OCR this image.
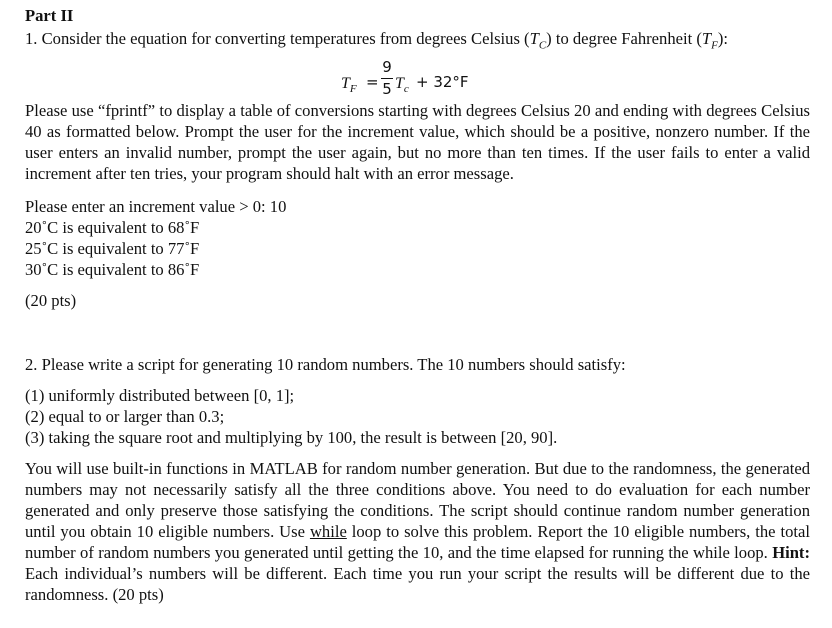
Part II
1. Consider the equation for converting temperatures from degrees Celsius $(T_C)$ to degree Fahrenheit $(T_F)$:
$T_F$ =
9
5 $T_c + 32^\circ F$
Please use “fprintf” to display a table of conversions starting with degrees Celsius 20 and ending with degrees Celsius 40 as formatted below. Prompt the user for the increment value, which should be a positive, nonzero number. If the user enters an invalid number, prompt the user again, but no more than ten times. If the user fails to enter a valid increment after ten tries, your program should halt with an error message.
Please enter an increment value > 0: 10
20˚C is equivalent to 68˚F
25˚C is equivalent to 77˚F
30˚C is equivalent to 86˚F
(20 pts)
2. Please write a script for generating 10 random numbers. The 10 numbers should satisfy:
(1) uniformly distributed between [0, 1];
(2) equal to or larger than 0.3;
(3) taking the square root and multiplying by 100, the result is between [20, 90].
You will use built-in functions in MATLAB for random number generation. But due to the randomness, the generated numbers may not necessarily satisfy all the three conditions above. You need to do evaluation for each number generated and only preserve those satisfying the conditions. The script should continue random number generation until you obtain 10 eligible numbers. Use while loop to solve this problem. Report the 10 eligible numbers, the total number of random numbers you generated until getting the 10, and the time elapsed for running the while loop. Hint: Each individual’s numbers will be different. Each time you run your script the results will be different due to the randomness. (20 pts)
